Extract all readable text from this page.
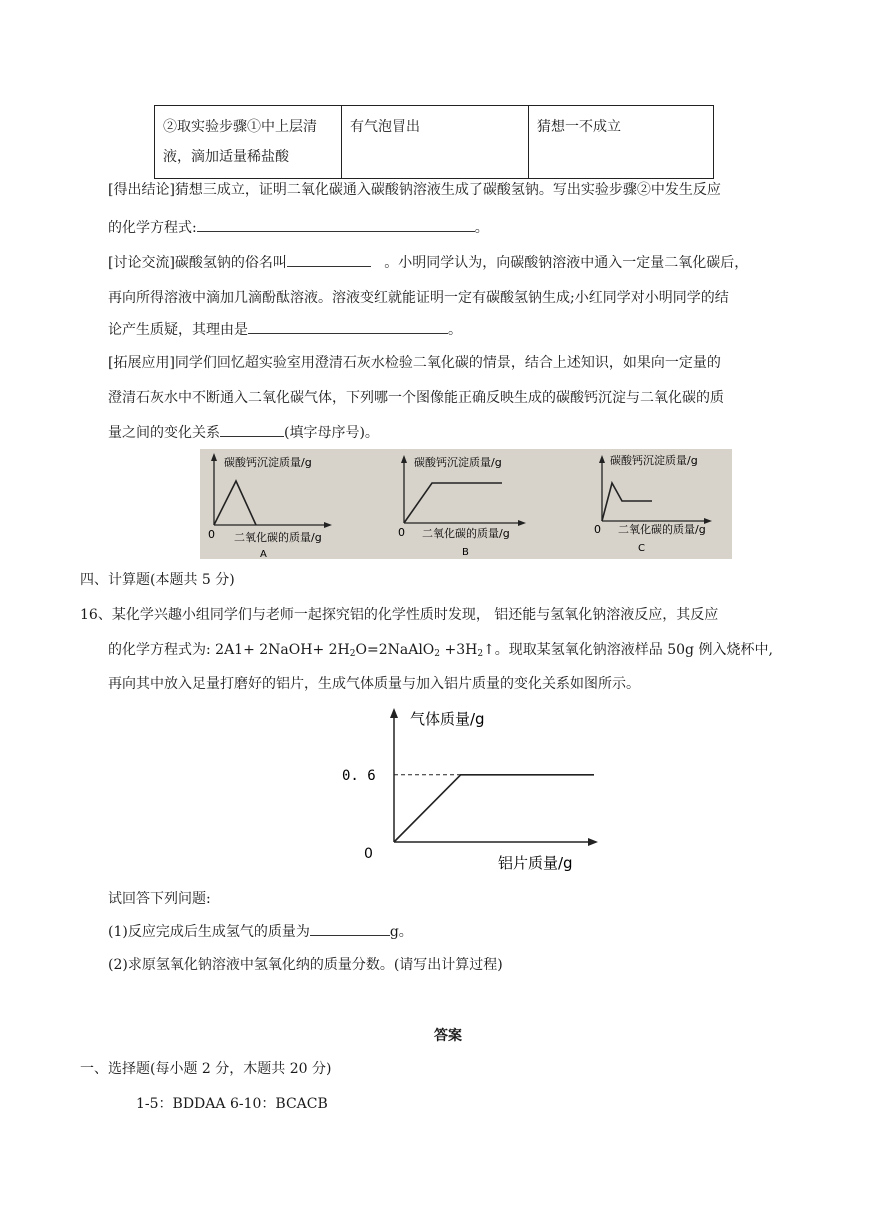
②取实验步骤①中上层清
液，滴加适量稀盐酸
	有气泡冒出	猜想一不成立
[得出结论]猜想三成立，证明二氧化碳通入碳酸钠溶液生成了碳酸氢钠。写出实验步骤②中发生反应
的化学方程式:	。
[讨论交流]碳酸氢钠的俗名叫	。小明同学认为，向碳酸钠溶液中通入一定量二氧化碳后，
再向所得溶液中滴加几滴酚酞溶液。溶液变红就能证明一定有碳酸氢钠生成;小红同学对小明同学的结
论产生质疑，其理由是	。
[拓展应用]同学们回忆超实验室用澄清石灰水检验二氧化碳的情景，结合上述知识，如果向一定量的
澄清石灰水中不断通入二氧化碳气体，下列哪一个图像能正确反映生成的碳酸钙沉淀与二氧化碳的质
量之间的变化关系	(填字母序号)。
碳酸钙沉淀质量/g
0 二氧化碳的质量/g
A
碳酸钙沉淀质量/g
0 二氧化碳的质量/g
B
碳酸钙沉淀质量/g
0 二氧化碳的质量/g
C
四、计算题(本题共 5 分)
16、某化学兴趣小组同学们与老师一起探究铝的化学性质时发现， 铝还能与氢氧化钠溶液反应，其反应
的化学方程式为: 2A1+ 2NaOH+ $2H_2O=2NaAlO_2$ $+3H_2↑$。现取某氢氧化钠溶液样品 50g 例入烧杯中,
再向其中放入足量打磨好的铝片，生成气体质量与加入铝片质量的变化关系如图所示。
气体质量/g
0. 6
0	铝片质量/g
试回答下列问题:
(1)反应完成后生成氢气的质量为	g。
(2)求原氢氧化钠溶液中氢氧化纳的质量分数。(请写出计算过程)
答案
一、选择题(每小题 2 分，木题共 20 分)
1-5：BDDAA 6-10：BCACB
